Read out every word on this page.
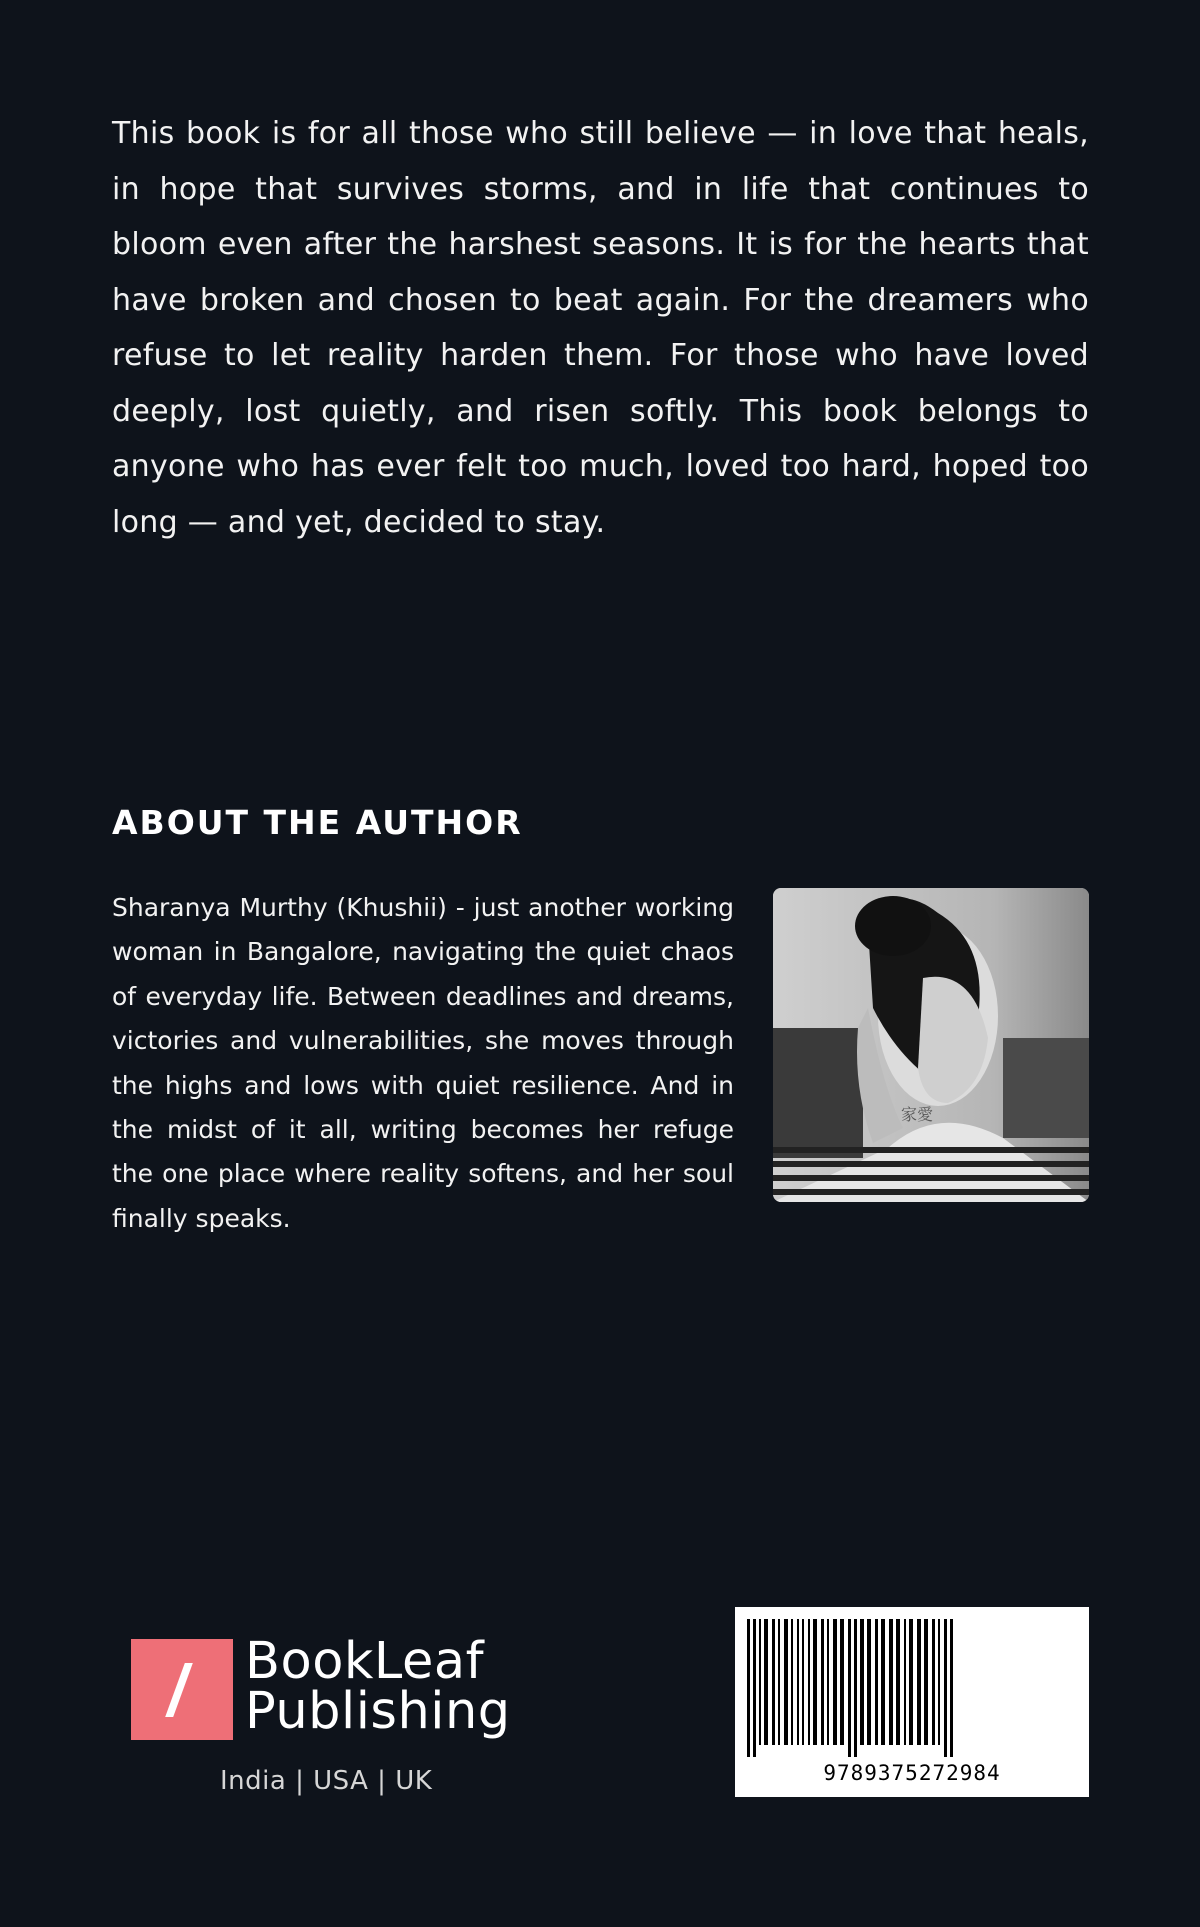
This book is for all those who still believe — in love that heals, in hope that survives storms, and in life that continues to bloom even after the harshest seasons. It is for the hearts that have broken and chosen to beat again. For the dreamers who refuse to let reality harden them. For those who have loved deeply, lost quietly, and risen softly. This book belongs to anyone who has ever felt too much, loved too hard, hoped too long — and yet, decided to stay.

ABOUT THE AUTHOR

Sharanya Murthy (Khushii) - just another working woman in Bangalore, navigating the quiet chaos of everyday life. Between deadlines and dreams, victories and vulnerabilities, she moves through the highs and lows with quiet resilience. And in the midst of it all, writing becomes her refuge the one place where reality softens, and her soul finally speaks.

家愛
BookLeaf
Publishing
India | USA | UK	9789375272984
